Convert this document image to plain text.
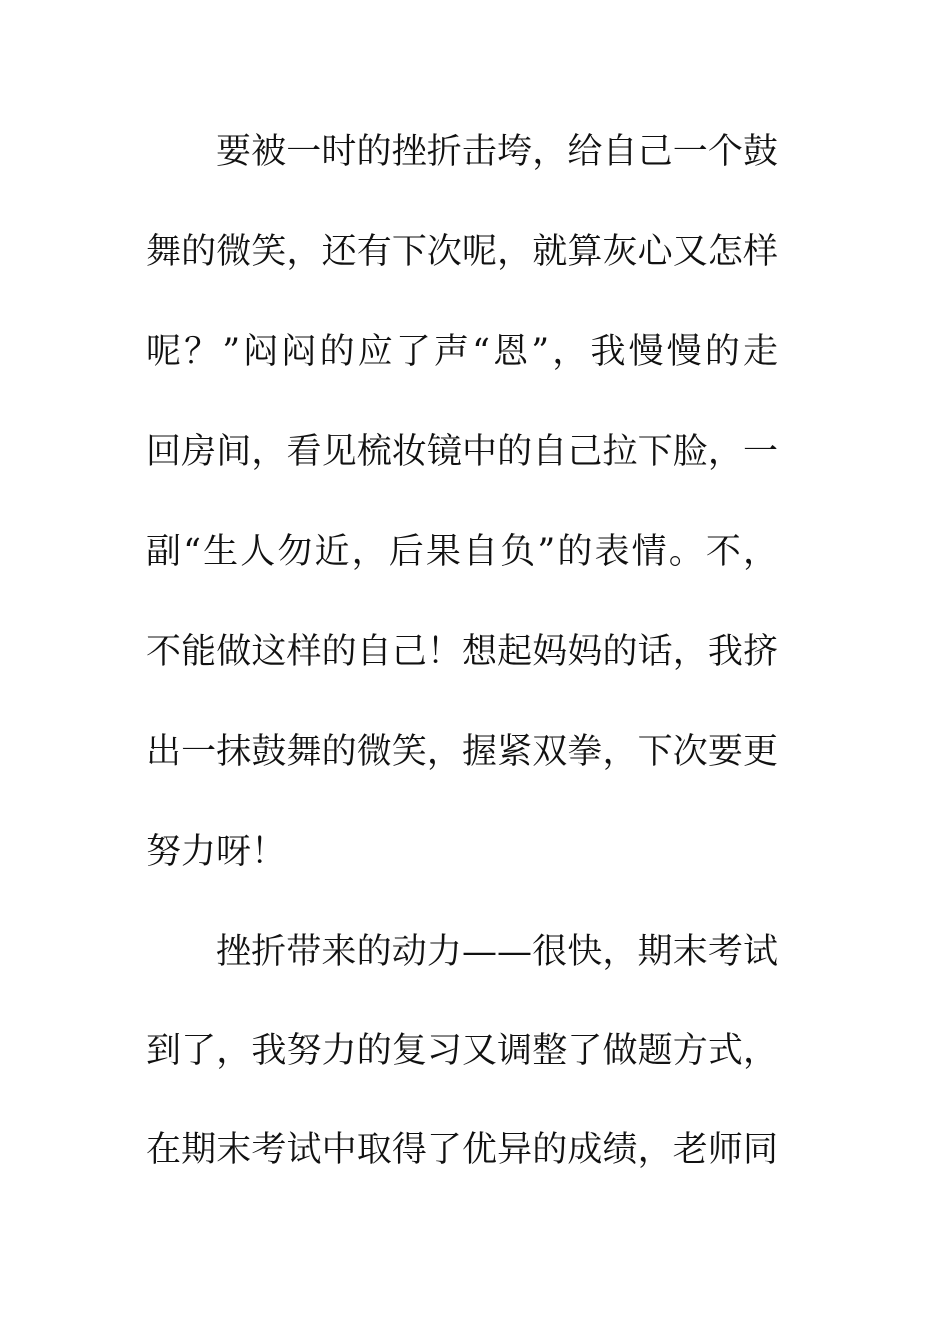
要被一时的挫折击垮，给自己一个鼓
舞的微笑，还有下次呢，就算灰心又怎样
呢？”闷闷的应了声“恩”，我慢慢的走
回房间，看见梳妆镜中的自己拉下脸，一
副“生人勿近，后果自负”的表情。不，
不能做这样的自己！想起妈妈的话，我挤
出一抹鼓舞的微笑，握紧双拳，下次要更
努力呀！
挫折带来的动力——很快，期末考试
到了，我努力的复习又调整了做题方式，
在期末考试中取得了优异的成绩，老师同
